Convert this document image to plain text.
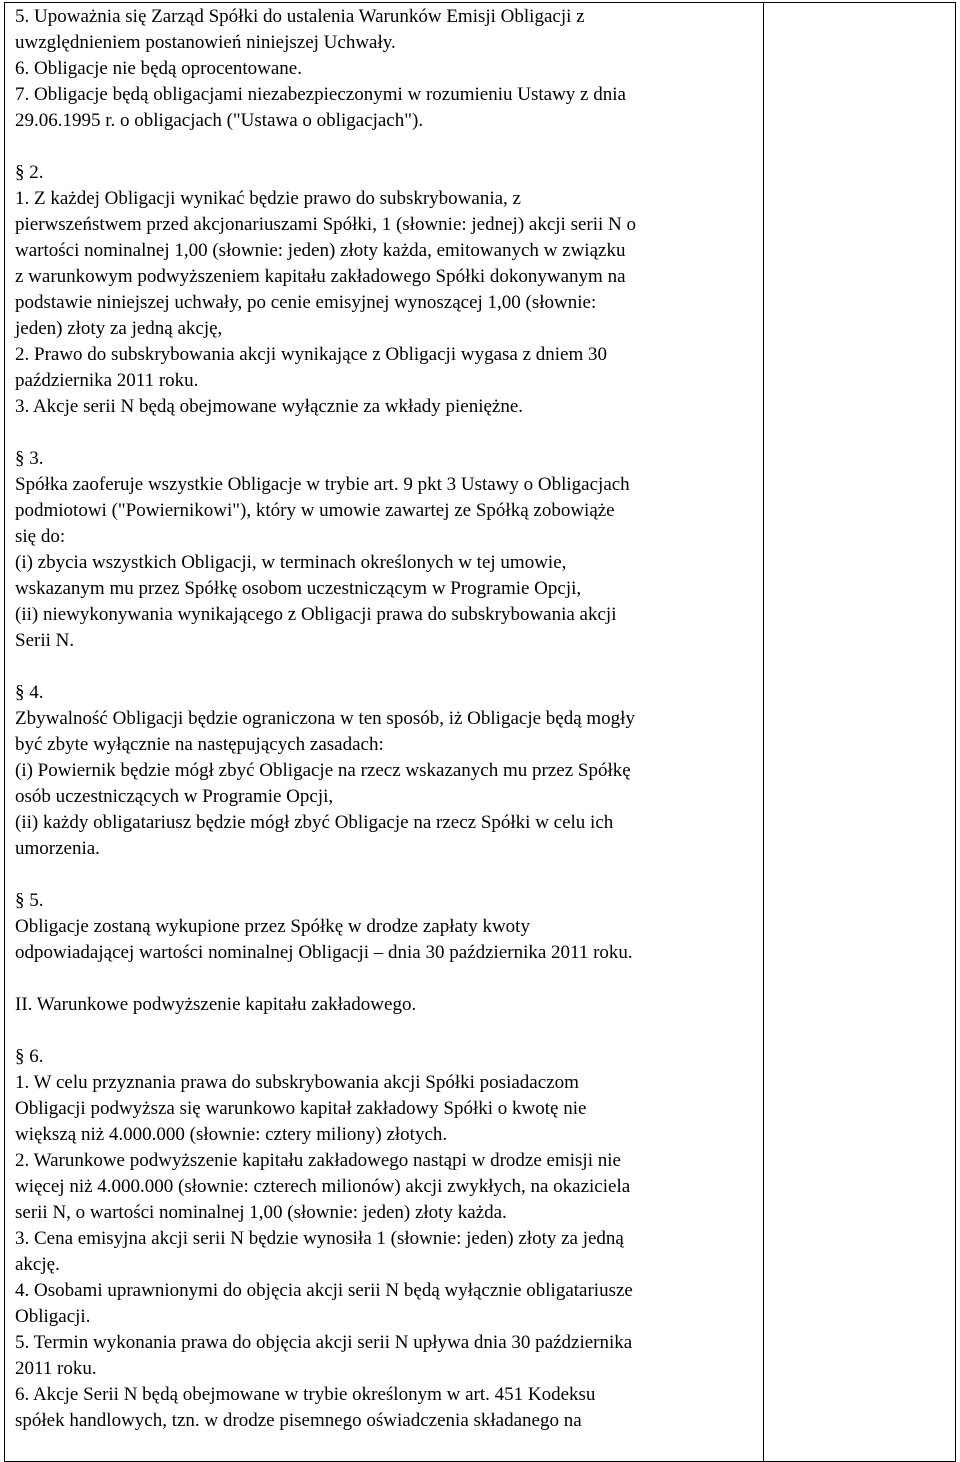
5. Upoważnia się Zarząd Spółki do ustalenia Warunków Emisji Obligacji z
uwzględnieniem postanowień niniejszej Uchwały.
6. Obligacje nie będą oprocentowane.
7. Obligacje będą obligacjami niezabezpieczonymi w rozumieniu Ustawy z dnia
29.06.1995 r. o obligacjach ("Ustawa o obligacjach").
§ 2.
1. Z każdej Obligacji wynikać będzie prawo do subskrybowania, z
pierwszeństwem przed akcjonariuszami Spółki, 1 (słownie: jednej) akcji serii N o
wartości nominalnej 1,00 (słownie: jeden) złoty każda, emitowanych w związku
z warunkowym podwyższeniem kapitału zakładowego Spółki dokonywanym na
podstawie niniejszej uchwały, po cenie emisyjnej wynoszącej 1,00 (słownie:
jeden) złoty za jedną akcję,
2. Prawo do subskrybowania akcji wynikające z Obligacji wygasa z dniem 30
października 2011 roku.
3. Akcje serii N będą obejmowane wyłącznie za wkłady pieniężne.
§ 3.
Spółka zaoferuje wszystkie Obligacje w trybie art. 9 pkt 3 Ustawy o Obligacjach
podmiotowi ("Powiernikowi"), który w umowie zawartej ze Spółką zobowiąże
się do:
(i) zbycia wszystkich Obligacji, w terminach określonych w tej umowie,
wskazanym mu przez Spółkę osobom uczestniczącym w Programie Opcji,
(ii) niewykonywania wynikającego z Obligacji prawa do subskrybowania akcji
Serii N.
§ 4.
Zbywalność Obligacji będzie ograniczona w ten sposób, iż Obligacje będą mogły
być zbyte wyłącznie na następujących zasadach:
(i) Powiernik będzie mógł zbyć Obligacje na rzecz wskazanych mu przez Spółkę
osób uczestniczących w Programie Opcji,
(ii) każdy obligatariusz będzie mógł zbyć Obligacje na rzecz Spółki w celu ich
umorzenia.
§ 5.
Obligacje zostaną wykupione przez Spółkę w drodze zapłaty kwoty
odpowiadającej wartości nominalnej Obligacji – dnia 30 października 2011 roku.
II. Warunkowe podwyższenie kapitału zakładowego.
§ 6.
1. W celu przyznania prawa do subskrybowania akcji Spółki posiadaczom
Obligacji podwyższa się warunkowo kapitał zakładowy Spółki o kwotę nie
większą niż 4.000.000 (słownie: cztery miliony) złotych.
2. Warunkowe podwyższenie kapitału zakładowego nastąpi w drodze emisji nie
więcej niż 4.000.000 (słownie: czterech milionów) akcji zwykłych, na okaziciela
serii N, o wartości nominalnej 1,00 (słownie: jeden) złoty każda.
3. Cena emisyjna akcji serii N będzie wynosiła 1 (słownie: jeden) złoty za jedną
akcję.
4. Osobami uprawnionymi do objęcia akcji serii N będą wyłącznie obligatariusze
Obligacji.
5. Termin wykonania prawa do objęcia akcji serii N upływa dnia 30 października
2011 roku.
6. Akcje Serii N będą obejmowane w trybie określonym w art. 451 Kodeksu
spółek handlowych, tzn. w drodze pisemnego oświadczenia składanego na
